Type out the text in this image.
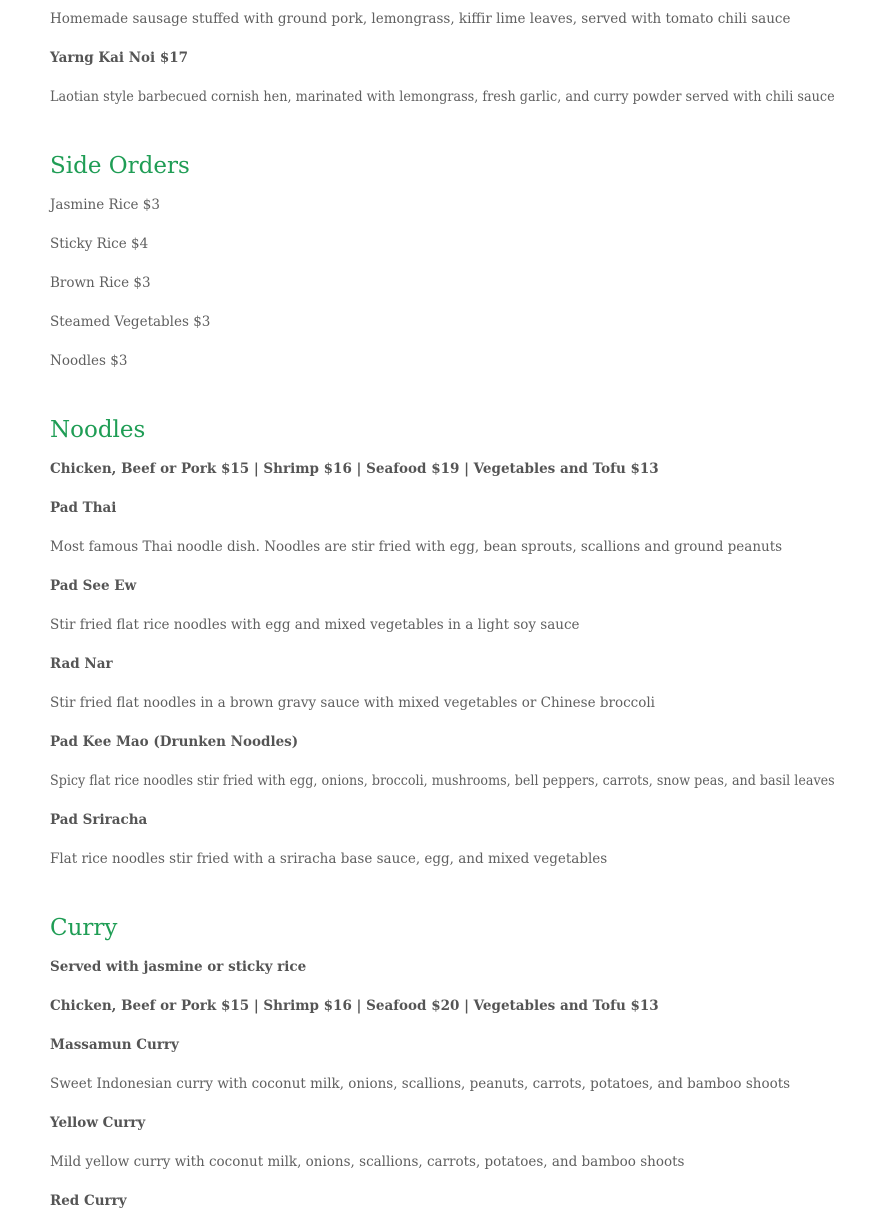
Homemade sausage stuffed with ground pork, lemongrass, kiffir lime leaves, served with tomato chili sauce
Yarng Kai Noi $17
Laotian style barbecued cornish hen, marinated with lemongrass, fresh garlic, and curry powder served with chili sauce
Side Orders
Jasmine Rice $3
Sticky Rice $4
Brown Rice $3
Steamed Vegetables $3
Noodles $3
Noodles
Chicken, Beef or Pork $15 | Shrimp $16 | Seafood $19 | Vegetables and Tofu $13
Pad Thai
Most famous Thai noodle dish. Noodles are stir fried with egg, bean sprouts, scallions and ground peanuts
Pad See Ew
Stir fried flat rice noodles with egg and mixed vegetables in a light soy sauce
Rad Nar
Stir fried flat noodles in a brown gravy sauce with mixed vegetables or Chinese broccoli
Pad Kee Mao (Drunken Noodles)
Spicy flat rice noodles stir fried with egg, onions, broccoli, mushrooms, bell peppers, carrots, snow peas, and basil leaves
Pad Sriracha
Flat rice noodles stir fried with a sriracha base sauce, egg, and mixed vegetables
Curry
Served with jasmine or sticky rice
Chicken, Beef or Pork $15 | Shrimp $16 | Seafood $20 | Vegetables and Tofu $13
Massamun Curry
Sweet Indonesian curry with coconut milk, onions, scallions, peanuts, carrots, potatoes, and bamboo shoots
Yellow Curry
Mild yellow curry with coconut milk, onions, scallions, carrots, potatoes, and bamboo shoots
Red Curry
